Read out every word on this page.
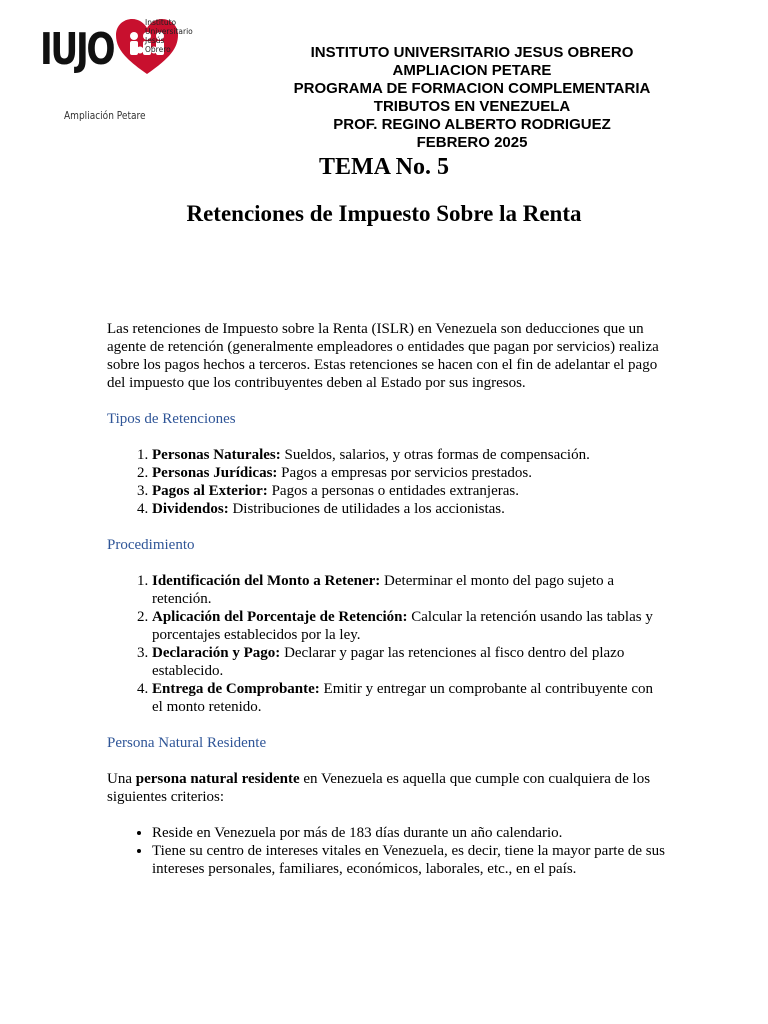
IUJO
Instituto
Universitario
Jesús
Obrero
Ampliación Petare
INSTITUTO UNIVERSITARIO JESUS OBRERO
AMPLIACION PETARE
PROGRAMA DE FORMACION COMPLEMENTARIA
TRIBUTOS EN VENEZUELA
PROF. REGINO ALBERTO RODRIGUEZ
FEBRERO 2025
TEMA No. 5
Retenciones de Impuesto Sobre la Renta

Las retenciones de Impuesto sobre la Renta (ISLR) en Venezuela son deducciones que un agente de retención (generalmente empleadores o entidades que pagan por servicios) realiza sobre los pagos hechos a terceros. Estas retenciones se hacen con el fin de adelantar el pago del impuesto que los contribuyentes deben al Estado por sus ingresos.

Tipos de Retenciones

1. Personas Naturales: Sueldos, salarios, y otras formas de compensación.
2. Personas Jurídicas: Pagos a empresas por servicios prestados.
3. Pagos al Exterior: Pagos a personas o entidades extranjeras.
4. Dividendos: Distribuciones de utilidades a los accionistas.

Procedimiento

1. Identificación del Monto a Retener: Determinar el monto del pago sujeto a retención.
2. Aplicación del Porcentaje de Retención: Calcular la retención usando las tablas y porcentajes establecidos por la ley.
3. Declaración y Pago: Declarar y pagar las retenciones al fisco dentro del plazo establecido.
4. Entrega de Comprobante: Emitir y entregar un comprobante al contribuyente con el monto retenido.

Persona Natural Residente

Una persona natural residente en Venezuela es aquella que cumple con cualquiera de los siguientes criterios:

• Reside en Venezuela por más de 183 días durante un año calendario.
• Tiene su centro de intereses vitales en Venezuela, es decir, tiene la mayor parte de sus intereses personales, familiares, económicos, laborales, etc., en el país.
